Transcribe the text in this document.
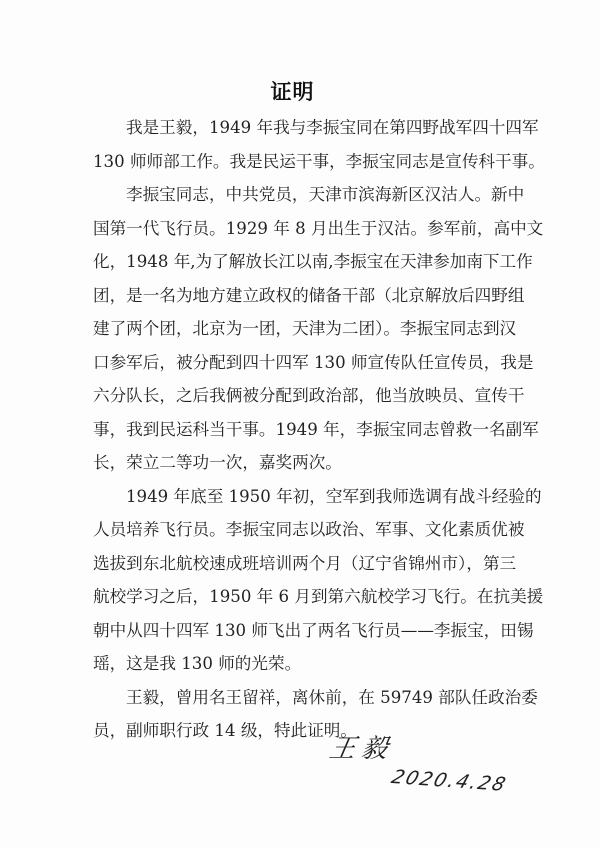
证明
我是王毅，1949 年我与李振宝同在第四野战军四十四军
130 师师部工作。我是民运干事，李振宝同志是宣传科干事。
李振宝同志，中共党员，天津市滨海新区汉沽人。新中
国第一代飞行员。1929 年 8 月出生于汉沽。参军前，高中文
化，1948 年,为了解放长江以南,李振宝在天津参加南下工作
团，是一名为地方建立政权的储备干部（北京解放后四野组
建了两个团，北京为一团，天津为二团）。李振宝同志到汉
口参军后，被分配到四十四军 130 师宣传队任宣传员，我是
六分队长，之后我俩被分配到政治部，他当放映员、宣传干
事，我到民运科当干事。1949 年，李振宝同志曾救一名副军
长，荣立二等功一次，嘉奖两次。
1949 年底至 1950 年初，空军到我师选调有战斗经验的
人员培养飞行员。李振宝同志以政治、军事、文化素质优被
选拔到东北航校速成班培训两个月（辽宁省锦州市），第三
航校学习之后，1950 年 6 月到第六航校学习飞行。在抗美援
朝中从四十四军 130 师飞出了两名飞行员——李振宝，田锡
瑶，这是我 130 师的光荣。
王毅，曾用名王留祥，离休前，在 59749 部队任政治委
员，副师职行政 14 级，特此证明。
王毅
2020.4.28
